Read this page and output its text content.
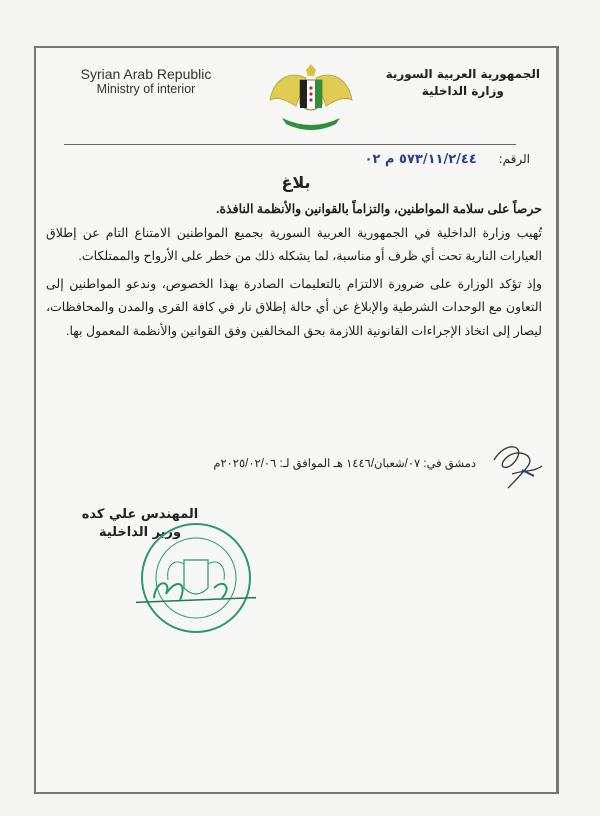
Syrian Arab Republic
Ministry of interior
الجمهورية العربية السورية
وزارة الداخلية
الرقم: ٥٧٣/١١/٢/٤٤ م ٠٢
بلاغ

حرصاً على سلامة المواطنين، والتزاماً بالقوانين والأنظمة النافذة.

تُهيب وزارة الداخلية في الجمهورية العربية السورية بجميع المواطنين الامتناع التام عن إطلاق العيارات النارية تحت أي ظرف أو مناسبة، لما يشكله ذلك من خطر على الأرواح والممتلكات.

وإذ تؤكد الوزارة على ضرورة الالتزام بالتعليمات الصادرة بهذا الخصوص، وندعو المواطنين إلى التعاون مع الوحدات الشرطية والإبلاغ عن أي حالة إطلاق نار في كافة القرى والمدن والمحافظات، ليصار إلى اتخاذ الإجراءات القانونية اللازمة بحق المخالفين وفق القوانين والأنظمة المعمول بها.

دمشق في: ٠٧/شعبان/١٤٤٦ هـ الموافق لـ: ٢٠٢٥/٠٢/٠٦م
المهندس علي كده
وزير الداخلية
